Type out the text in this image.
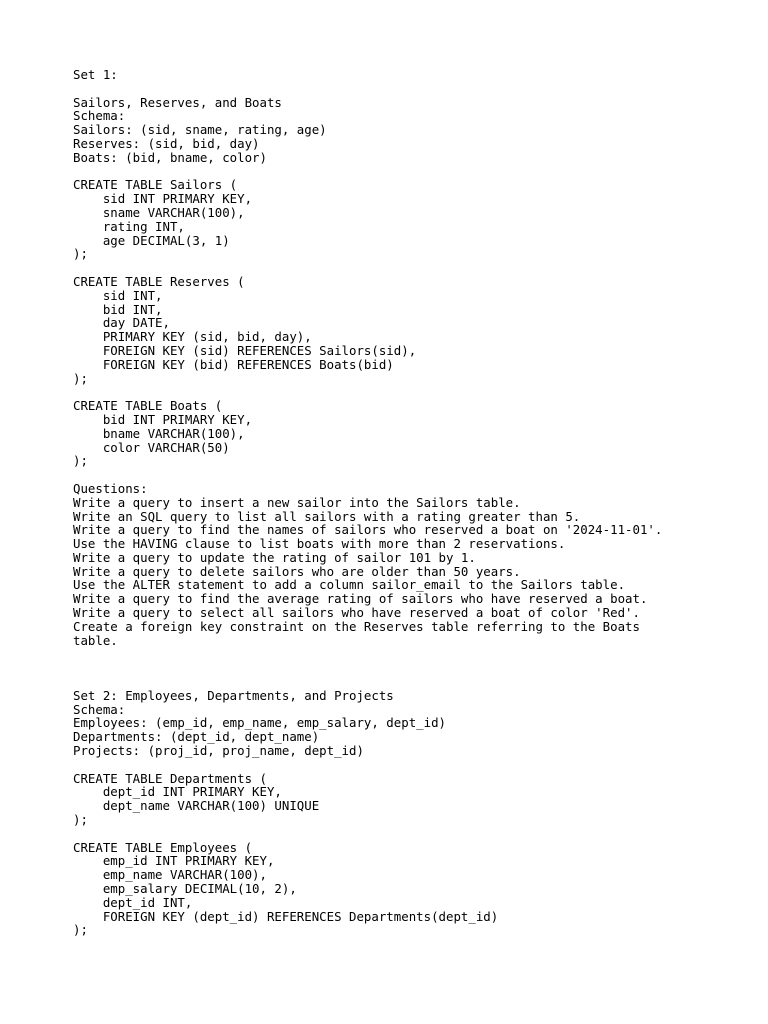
Set 1:
Sailors, Reserves, and Boats
Schema:
Sailors: (sid, sname, rating, age)
Reserves: (sid, bid, day)
Boats: (bid, bname, color)
CREATE TABLE Sailors (
sid INT PRIMARY KEY,
sname VARCHAR(100),
rating INT,
age DECIMAL(3, 1)
);
CREATE TABLE Reserves (
sid INT,
bid INT,
day DATE,
PRIMARY KEY (sid, bid, day),
FOREIGN KEY (sid) REFERENCES Sailors(sid),
FOREIGN KEY (bid) REFERENCES Boats(bid)
);
CREATE TABLE Boats (
bid INT PRIMARY KEY,
bname VARCHAR(100),
color VARCHAR(50)
);
Questions:
Write a query to insert a new sailor into the Sailors table.
Write an SQL query to list all sailors with a rating greater than 5.
Write a query to find the names of sailors who reserved a boat on '2024-11-01'.
Use the HAVING clause to list boats with more than 2 reservations.
Write a query to update the rating of sailor 101 by 1.
Write a query to delete sailors who are older than 50 years.
Use the ALTER statement to add a column sailor_email to the Sailors table.
Write a query to find the average rating of sailors who have reserved a boat.
Write a query to select all sailors who have reserved a boat of color 'Red'.
Create a foreign key constraint on the Reserves table referring to the Boats table.
Set 2: Employees, Departments, and Projects
Schema:
Employees: (emp_id, emp_name, emp_salary, dept_id)
Departments: (dept_id, dept_name)
Projects: (proj_id, proj_name, dept_id)
CREATE TABLE Departments (
dept_id INT PRIMARY KEY,
dept_name VARCHAR(100) UNIQUE
);
CREATE TABLE Employees (
emp_id INT PRIMARY KEY,
emp_name VARCHAR(100),
emp_salary DECIMAL(10, 2),
dept_id INT,
FOREIGN KEY (dept_id) REFERENCES Departments(dept_id)
);
